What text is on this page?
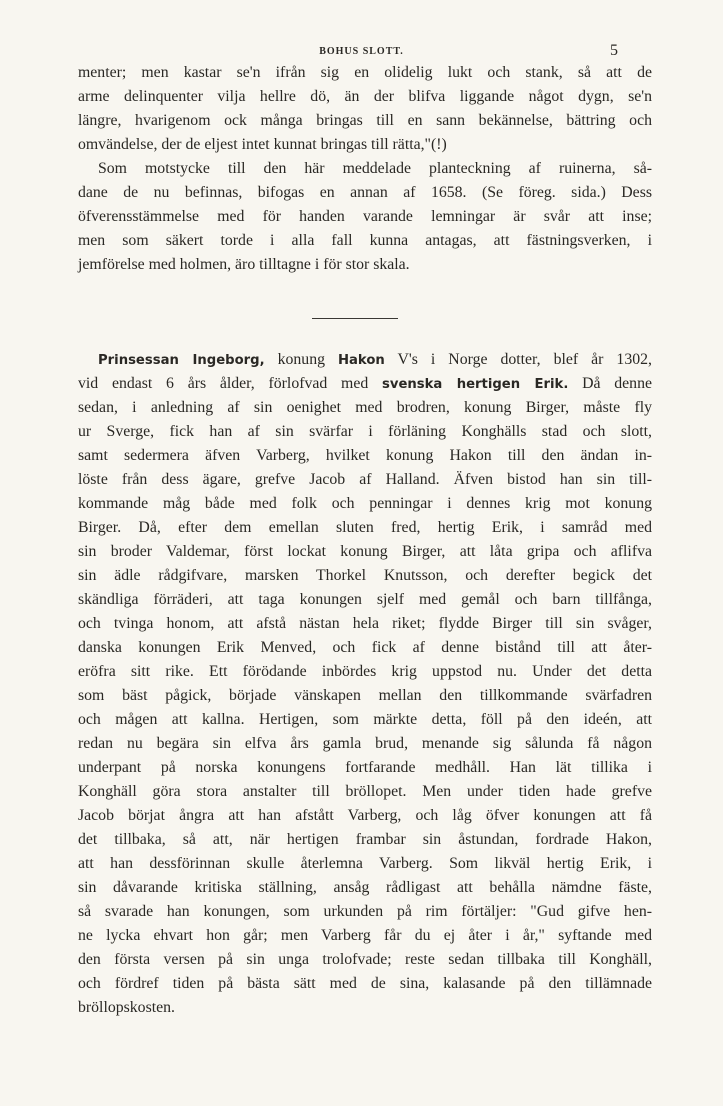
BOHUS SLOTT.	5
menter; men kastar se'n ifrån sig en olidelig lukt och stank, så att de
arme delinquenter vilja hellre dö, än der blifva liggande något dygn, se'n
längre, hvarigenom ock många bringas till en sann bekännelse, bättring och
omvändelse, der de eljest intet kunnat bringas till rätta,"(!)
Som motstycke till den här meddelade planteckning af ruinerna, så-
dane de nu befinnas, bifogas en annan af 1658. (Se föreg. sida.) Dess
öfverensstämmelse med för handen varande lemningar är svår att inse;
men som säkert torde i alla fall kunna antagas, att fästningsverken, i
jemförelse med holmen, äro tilltagne i för stor skala.
Prinsessan Ingeborg, konung Hakon V's i Norge dotter, blef år 1302,
vid endast 6 års ålder, förlofvad med svenska hertigen Erik. Då denne
sedan, i anledning af sin oenighet med brodren, konung Birger, måste fly
ur Sverge, fick han af sin svärfar i förläning Konghälls stad och slott,
samt sedermera äfven Varberg, hvilket konung Hakon till den ändan in-
löste från dess ägare, grefve Jacob af Halland. Äfven bistod han sin till-
kommande måg både med folk och penningar i dennes krig mot konung
Birger. Då, efter dem emellan sluten fred, hertig Erik, i samråd med
sin broder Valdemar, först lockat konung Birger, att låta gripa och aflifva
sin ädle rådgifvare, marsken Thorkel Knutsson, och derefter begick det
skändliga förräderi, att taga konungen sjelf med gemål och barn tillfånga,
och tvinga honom, att afstå nästan hela riket; flydde Birger till sin svåger,
danska konungen Erik Menved, och fick af denne bistånd till att åter-
eröfra sitt rike. Ett förödande inbördes krig uppstod nu. Under det detta
som bäst pågick, började vänskapen mellan den tillkommande svärfadren
och mågen att kallna. Hertigen, som märkte detta, föll på den ideén, att
redan nu begära sin elfva års gamla brud, menande sig sålunda få någon
underpant på norska konungens fortfarande medhåll. Han lät tillika i
Konghäll göra stora anstalter till bröllopet. Men under tiden hade grefve
Jacob börjat ångra att han afstått Varberg, och låg öfver konungen att få
det tillbaka, så att, när hertigen frambar sin åstundan, fordrade Hakon,
att han dessförinnan skulle återlemna Varberg. Som likväl hertig Erik, i
sin dåvarande kritiska ställning, ansåg rådligast att behålla nämdne fäste,
så svarade han konungen, som urkunden på rim förtäljer: "Gud gifve hen-
ne lycka ehvart hon går; men Varberg får du ej åter i år," syftande med
den första versen på sin unga trolofvade; reste sedan tillbaka till Konghäll,
och fördref tiden på bästa sätt med de sina, kalasande på den tillämnade
bröllopskosten.
